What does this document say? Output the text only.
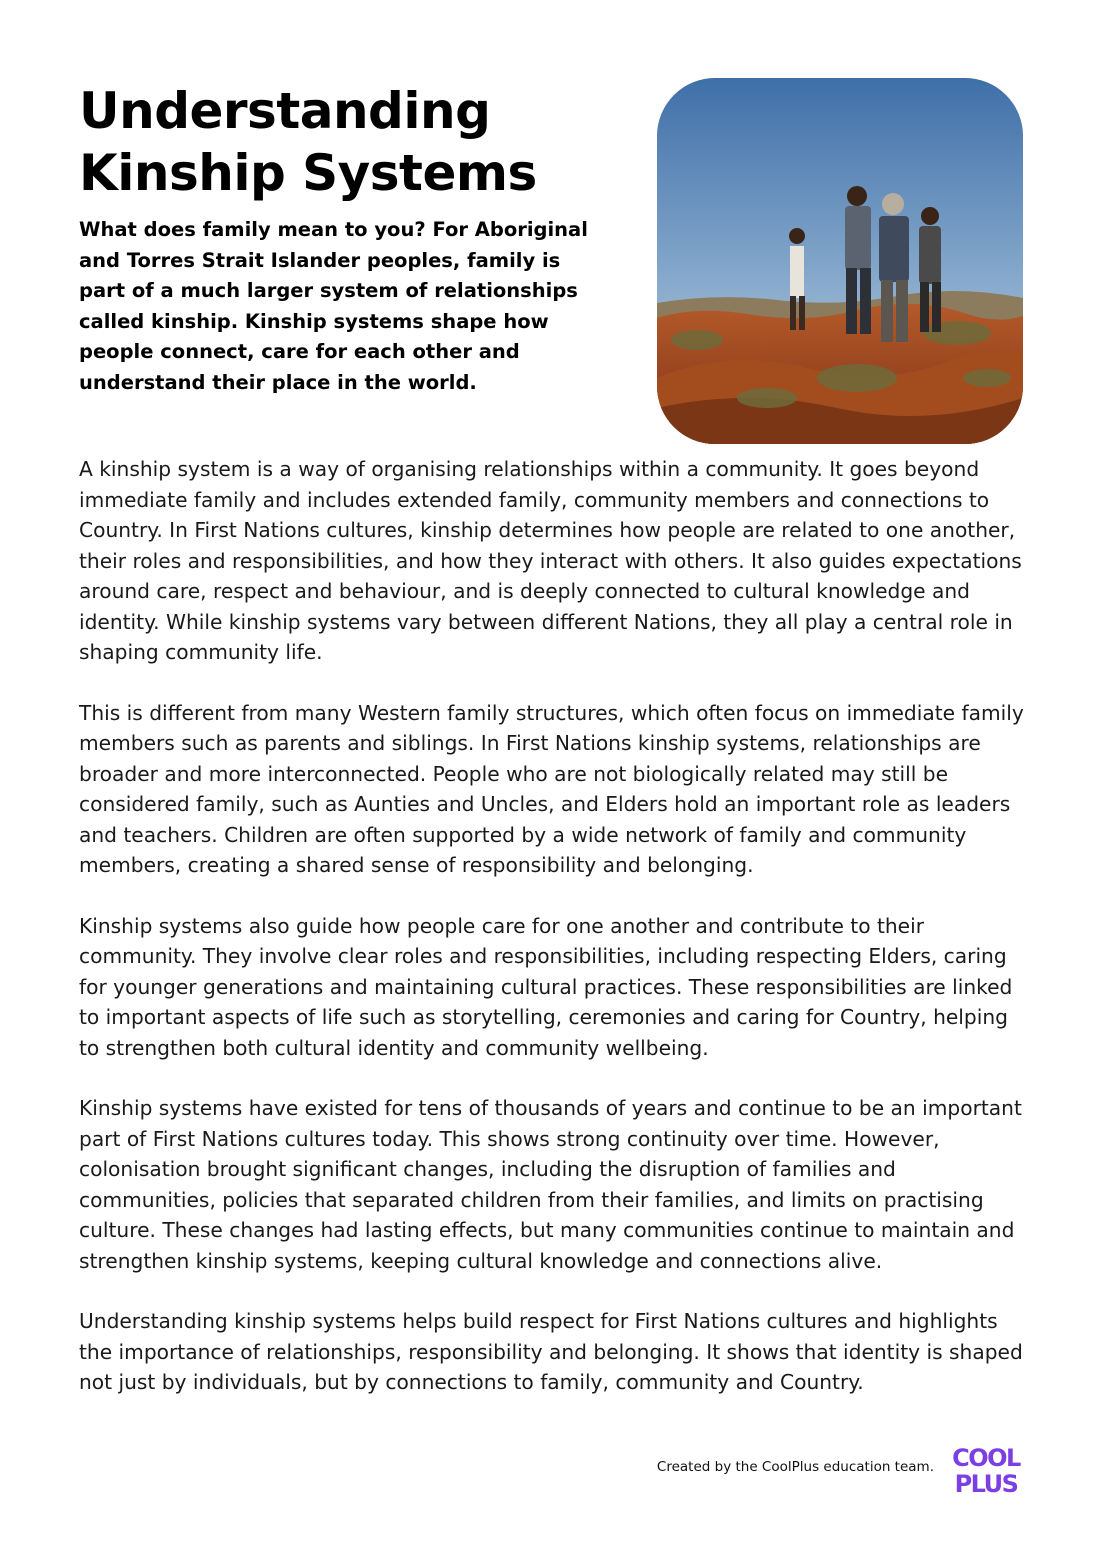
Understanding Kinship Systems

What does family mean to you? For Aboriginal and Torres Strait Islander peoples, family is part of a much larger system of relationships called kinship. Kinship systems shape how people connect, care for each other and understand their place in the world.

A kinship system is a way of organising relationships within a community. It goes beyond immediate family and includes extended family, community members and connections to Country. In First Nations cultures, kinship determines how people are related to one another, their roles and responsibilities, and how they interact with others. It also guides expectations around care, respect and behaviour, and is deeply connected to cultural knowledge and identity. While kinship systems vary between different Nations, they all play a central role in shaping community life.

This is different from many Western family structures, which often focus on immediate family members such as parents and siblings. In First Nations kinship systems, relationships are broader and more interconnected. People who are not biologically related may still be considered family, such as Aunties and Uncles, and Elders hold an important role as leaders and teachers. Children are often supported by a wide network of family and community members, creating a shared sense of responsibility and belonging.

Kinship systems also guide how people care for one another and contribute to their community. They involve clear roles and responsibilities, including respecting Elders, caring for younger generations and maintaining cultural practices. These responsibilities are linked to important aspects of life such as storytelling, ceremonies and caring for Country, helping to strengthen both cultural identity and community wellbeing.

Kinship systems have existed for tens of thousands of years and continue to be an important part of First Nations cultures today. This shows strong continuity over time. However, colonisation brought significant changes, including the disruption of families and communities, policies that separated children from their families, and limits on practising culture. These changes had lasting effects, but many communities continue to maintain and strengthen kinship systems, keeping cultural knowledge and connections alive.

Understanding kinship systems helps build respect for First Nations cultures and highlights the importance of relationships, responsibility and belonging. It shows that identity is shaped not just by individuals, but by connections to family, community and Country.

Created by the CoolPlus education team. COOL
PLUS
